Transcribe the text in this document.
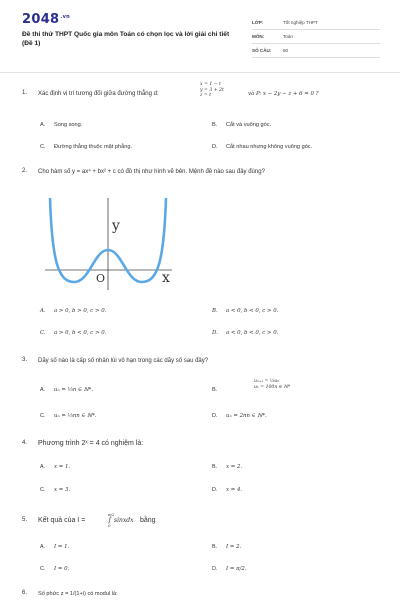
$2048^{.vn}$
Đề thi thử THPT Quốc gia môn Toán có chọn lọc và lời giải chi tiết (Đề 1)
LỚP:	Tốt nghiệp THPT
MÔN:	Toán
SỐ CÂU:	50
1. Xác định vị trí tương đối giữa đường thẳng d:
x = 1 − t
y = 3 + 2t
z = t	và P: x − 2y − z + 6 = 0 ?
A. Song song.	B. Cắt và vuông góc.
C. Đường thẳng thuộc mặt phẳng.	D. Cắt nhau nhưng không vuông góc.
2. Cho hàm số y = ax⁴ + bx² + c có đồ thị như hình vẽ bên. Mệnh đề nào sau đây đúng?
A. a > 0, b > 0, c > 0.	B. a < 0, b < 0, c > 0.
C. a > 0, b < 0, c > 0.	D. a < 0, b < 0, c > 0.
y
x
O
3. Dãy số nào là cấp số nhân lùi vô hạn trong các dãy số sau đây?
A. uₙ = ⅓n ∈ ℕ*.	B.
uₙ₊₁ = ⅓uₙ
u₁ = 100n ∈ ℕ*
C. uₙ = ⅓nn ∈ ℕ*.	D. uₙ = 2nn ∈ ℕ*.
4. Phương trình 2ˣ = 4 có nghiệm là:
A. x = 1.	B. x = 2.
C. x = 3.	D. x = 4.
5. Kết quả của I =
π/2
∫
0
sinxdx bằng
A. I = 1.	B. I = 2.
C. I = 0.	D. I = π/2.
6. Số phức z = 1/(1+i) có modul là:
